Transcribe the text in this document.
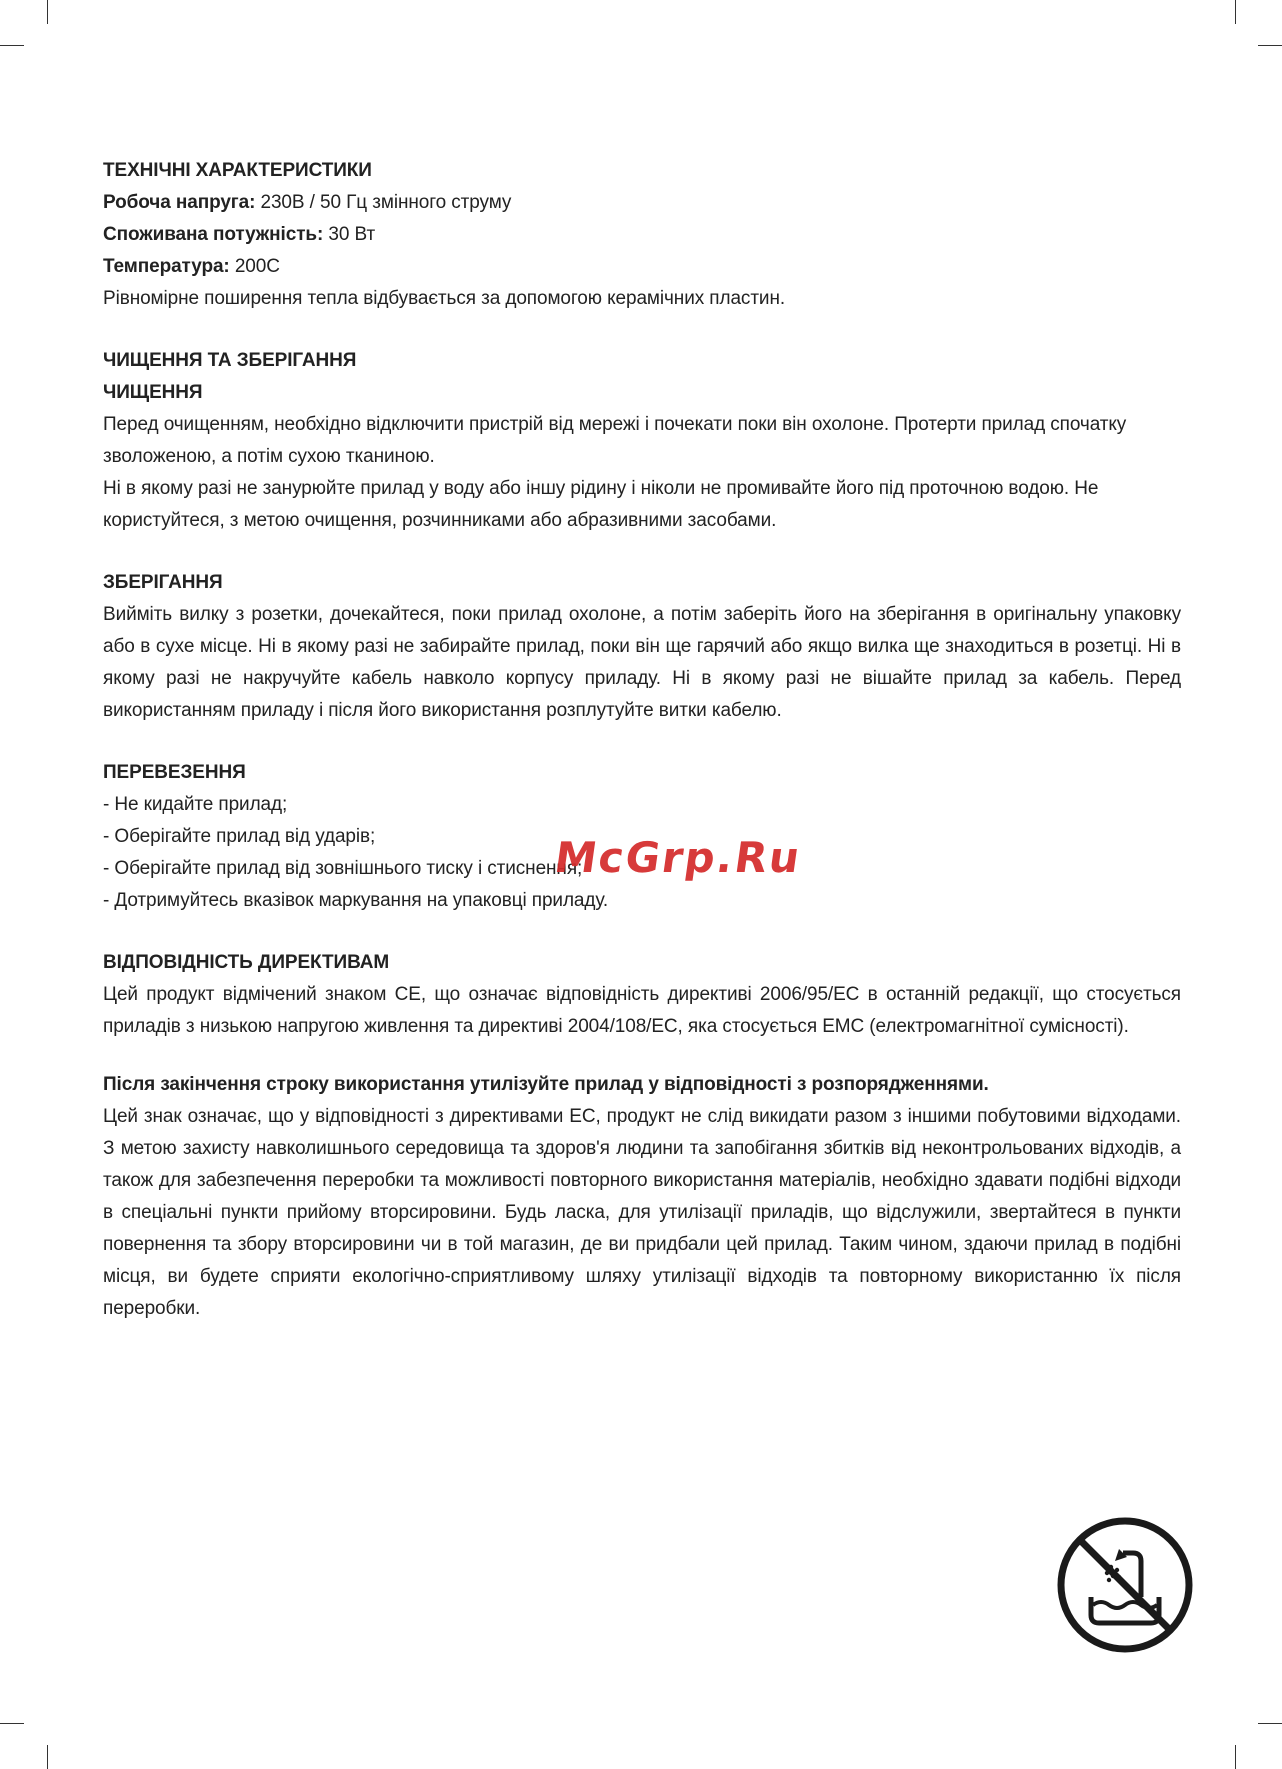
ТЕХНІЧНІ ХАРАКТЕРИСТИКИ

Робоча напруга: 230В / 50 Гц змінного струму

Споживана потужність: 30 Вт

Температура: 200С

Рівномірне поширення тепла відбувається за допомогою керамічних пластин.

ЧИЩЕННЯ ТА ЗБЕРІГАННЯ

ЧИЩЕННЯ

Перед очищенням, необхідно відключити пристрій від мережі і почекати поки він охолоне. Протерти прилад спочатку зволоженою, а потім сухою тканиною.

Ні в якому разі не занурюйте прилад у воду або іншу рідину і ніколи не промивайте його під проточною водою. Не користуйтеся, з метою очищення, розчинниками або абразивними засобами.

ЗБЕРІГАННЯ

Вийміть вилку з розетки, дочекайтеся, поки прилад охолоне, а потім заберіть його на зберігання в оригінальну упаковку або в сухе місце. Ні в якому разі не забирайте прилад, поки він ще гарячий або якщо вилка ще знаходиться в розетці. Ні в якому разі не накручуйте кабель навколо корпусу приладу. Ні в якому разі не вішайте прилад за кабель. Перед використанням приладу і після його використання розплутуйте витки кабелю.

ПЕРЕВЕЗЕННЯ

- Не кидайте прилад;

- Оберігайте прилад від ударів;

- Оберігайте прилад від зовнішнього тиску і стиснення;

- Дотримуйтесь вказівок маркування на упаковці приладу.

ВІДПОВІДНІСТЬ ДИРЕКТИВАМ

Цей продукт відмічений знаком СЕ, що означає відповідність директиві 2006/95/ЕС в останній редакції, що стосується приладів з низькою напругою живлення та директиві 2004/108/ЕС, яка стосується ЕМС (електромагнітної сумісності).

Після закінчення строку використання утилізуйте прилад у відповідності з розпорядженнями.

Цей знак означає, що у відповідності з директивами ЕС, продукт не слід викидати разом з іншими побутовими відходами. З метою захисту навколишнього середовища та здоров'я людини та запобігання збитків від неконтрольованих відходів, а також для забезпечення переробки та можливості повторного використання матеріалів, необхідно здавати подібні відходи в спеціальні пункти прийому вторсировини. Будь ласка, для утилізації приладів, що відслужили, звертайтеся в пункти повернення та збору вторсировини чи в той магазин, де ви придбали цей прилад. Таким чином, здаючи прилад в подібні місця, ви будете сприяти екологічно-сприятливому шляху утилізації відходів та повторному використанню їх після переробки.

McGrp.Ru
